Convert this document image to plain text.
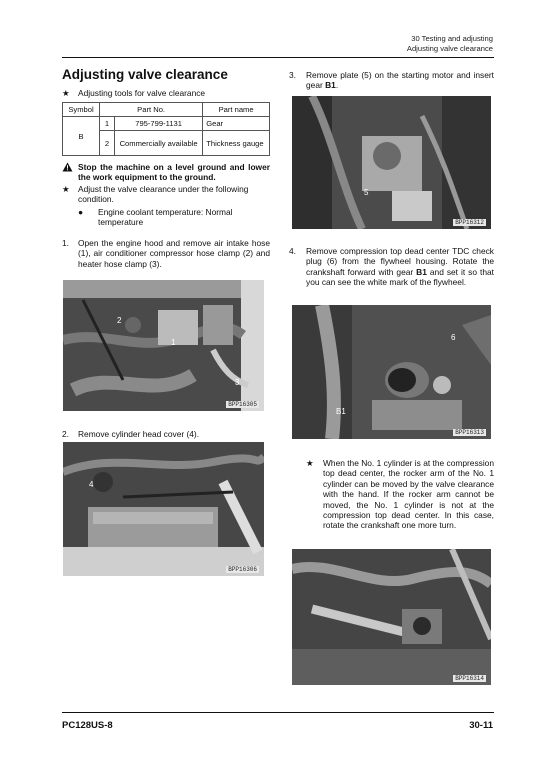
30 Testing and adjusting
Adjusting valve clearance
Adjusting valve clearance
★ Adjusting tools for valve clearance
Symbol	Part No.		Part name
B	1	795-799-1131	Gear
	2	Commercially available	Thickness gauge
Stop the machine on a level ground and lower the work equipment to the ground.
★ Adjust the valve clearance under the following condition.
● Engine coolant temperature: Normal temperature
1. Open the engine hood and remove air intake hose (1), air conditioner compressor hose clamp (2) and heater hose clamp (3).
2
1
3
BPP16305
2. Remove cylinder head cover (4).
4
BPP16306
3. Remove plate (5) on the starting motor and insert gear B1.
5
BPP16312
4. Remove compression top dead center TDC check plug (6) from the flywheel housing. Rotate the crankshaft forward with gear B1 and set it so that you can see the white mark of the flywheel.
6
B1
BPP16313
★ When the No. 1 cylinder is at the compression top dead center, the rocker arm of the No. 1 cylinder can be moved by the valve clearance with the hand. If the rocker arm cannot be moved, the No. 1 cylinder is not at the compression top dead center. In this case, rotate the crankshaft one more turn.
BPP16314
PC128US-8	30-11
